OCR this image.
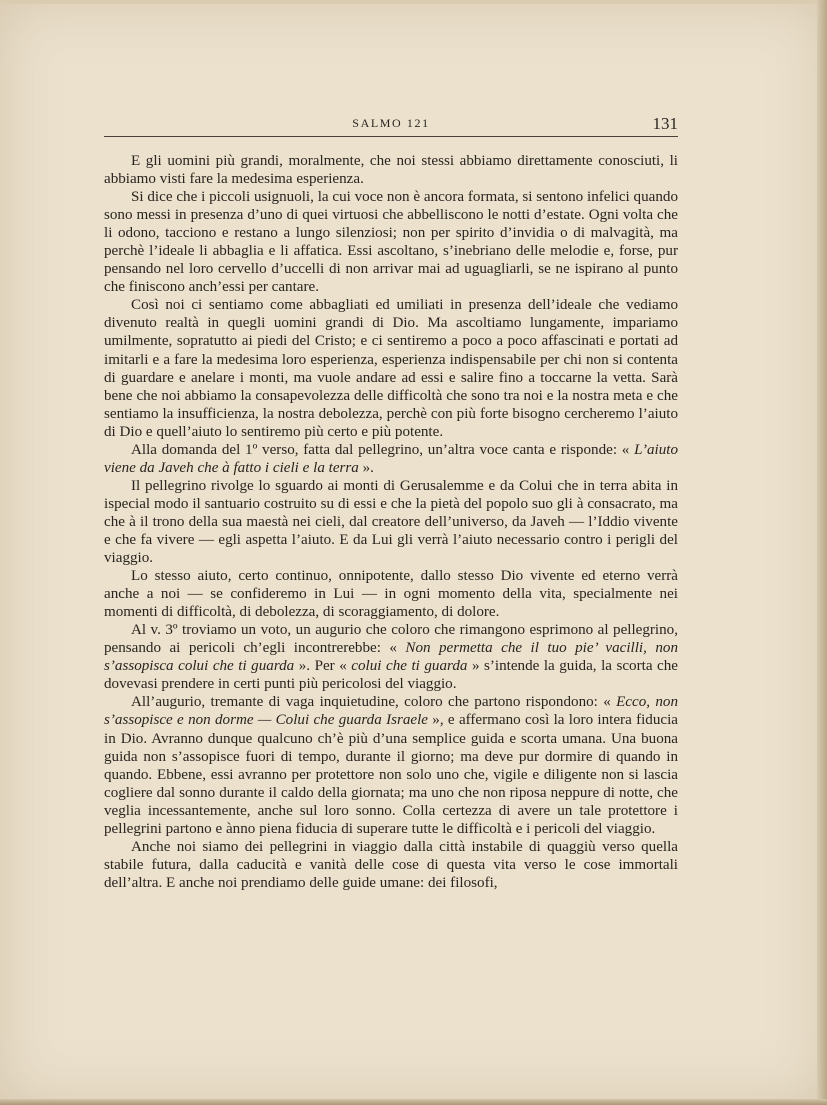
SALMO 121	131

E gli uomini più grandi, moralmente, che noi stessi abbiamo direttamente conosciuti, li abbiamo visti fare la medesima esperienza.

Si dice che i piccoli usignuoli, la cui voce non è ancora formata, si sentono infelici quando sono messi in presenza d’uno di quei virtuosi che abbelliscono le notti d’estate. Ogni volta che li odono, tacciono e restano a lungo silenziosi; non per spirito d’invidia o di malvagità, ma perchè l’ideale li abbaglia e li affatica. Essi ascoltano, s’inebriano delle melodie e, forse, pur pensando nel loro cervello d’uccelli di non arrivar mai ad uguagliarli, se ne ispirano al punto che finiscono anch’essi per cantare.

Così noi ci sentiamo come abbagliati ed umiliati in presenza dell’ideale che vediamo divenuto realtà in quegli uomini grandi di Dio. Ma ascoltiamo lungamente, impariamo umilmente, sopratutto ai piedi del Cristo; e ci sentiremo a poco a poco affascinati e portati ad imitarli e a fare la medesima loro esperienza, esperienza indispensabile per chi non si contenta di guardare e anelare i monti, ma vuole andare ad essi e salire fino a toccarne la vetta. Sarà bene che noi abbiamo la consapevolezza delle difficoltà che sono tra noi e la nostra meta e che sentiamo la insufficienza, la nostra debolezza, perchè con più forte bisogno cercheremo l’aiuto di Dio e quell’aiuto lo sentiremo più certo e più potente.

Alla domanda del 1º verso, fatta dal pellegrino, un’altra voce canta e risponde: « L’aiuto viene da Javeh che à fatto i cieli e la terra ».

Il pellegrino rivolge lo sguardo ai monti di Gerusalemme e da Colui che in terra abita in ispecial modo il santuario costruito su di essi e che la pietà del popolo suo gli à consacrato, ma che à il trono della sua maestà nei cieli, dal creatore dell’universo, da Javeh — l’Iddio vivente e che fa vivere — egli aspetta l’aiuto. E da Lui gli verrà l’aiuto necessario contro i perigli del viaggio.

Lo stesso aiuto, certo continuo, onnipotente, dallo stesso Dio vivente ed eterno verrà anche a noi — se confideremo in Lui — in ogni momento della vita, specialmente nei momenti di difficoltà, di debolezza, di scoraggiamento, di dolore.

Al v. 3º troviamo un voto, un augurio che coloro che rimangono esprimono al pellegrino, pensando ai pericoli ch’egli incontrerebbe: « Non permetta che il tuo pie’ vacilli, non s’assopisca colui che ti guarda ». Per « colui che ti guarda » s’intende la guida, la scorta che dovevasi prendere in certi punti più pericolosi del viaggio.

All’augurio, tremante di vaga inquietudine, coloro che partono rispondono: « Ecco, non s’assopisce e non dorme — Colui che guarda Israele », e affermano così la loro intera fiducia in Dio. Avranno dunque qualcuno ch’è più d’una semplice guida e scorta umana. Una buona guida non s’assopisce fuori di tempo, durante il giorno; ma deve pur dormire di quando in quando. Ebbene, essi avranno per protettore non solo uno che, vigile e diligente non si lascia cogliere dal sonno durante il caldo della giornata; ma uno che non riposa neppure di notte, che veglia incessantemente, anche sul loro sonno. Colla certezza di avere un tale protettore i pellegrini partono e ànno piena fiducia di superare tutte le difficoltà e i pericoli del viaggio.

Anche noi siamo dei pellegrini in viaggio dalla città instabile di quaggiù verso quella stabile futura, dalla caducità e vanità delle cose di questa vita verso le cose immortali dell’altra. E anche noi prendiamo delle guide umane: dei filosofi,
